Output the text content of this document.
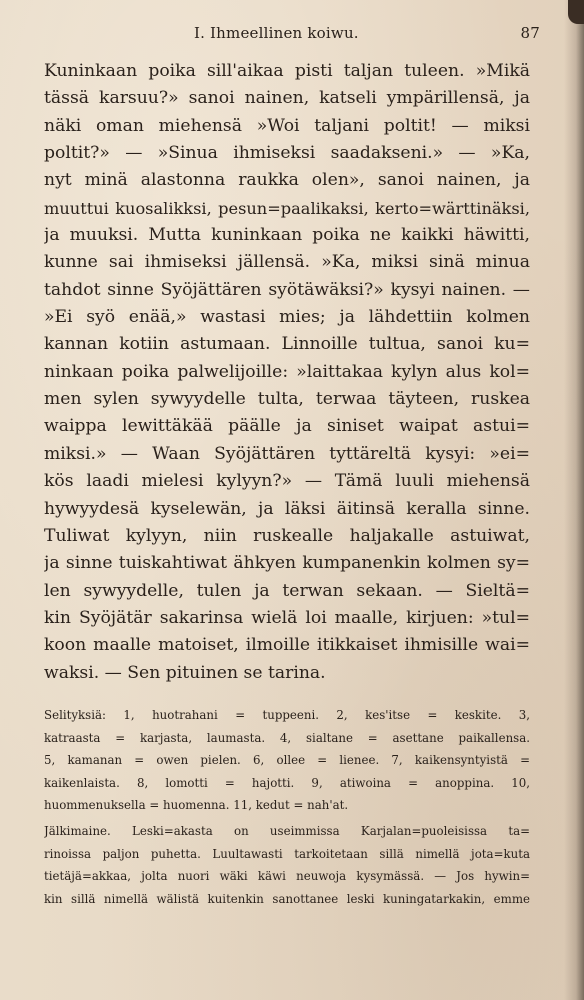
I. Ihmeellinen koiwu.	87
Kuninkaan poika sill'aikaa pisti taljan tuleen. »Mikä
tässä karsuu?» sanoi nainen, katseli ympärillensä, ja
näki oman miehensä »Woi taljani poltit! — miksi
poltit?» — »Sinua ihmiseksi saadakseni.» — »Ka,
nyt minä alastonna raukka olen», sanoi nainen, ja
muuttui kuosalikksi, pesun=paalikaksi, kerto=wärttinäksi,
ja muuksi. Mutta kuninkaan poika ne kaikki häwitti,
kunne sai ihmiseksi jällensä. »Ka, miksi sinä minua
tahdot sinne Syöjättären syötäwäksi?» kysyi nainen. —
»Ei syö enää,» wastasi mies; ja lähdettiin kolmen
kannan kotiin astumaan. Linnoille tultua, sanoi ku=
ninkaan poika palwelijoille: »laittakaa kylyn alus kol=
men sylen sywyydelle tulta, terwaa täyteen, ruskea
waippa lewittäkää päälle ja siniset waipat astui=
miksi.» — Waan Syöjättären tyttäreltä kysyi: »ei=
kös laadi mielesi kylyyn?» — Tämä luuli miehensä
hywyydesä kyselewän, ja läksi äitinsä keralla sinne.
Tuliwat kylyyn, niin ruskealle haljakalle astuiwat,
ja sinne tuiskahtiwat ähkyen kumpanenkin kolmen sy=
len sywyydelle, tulen ja terwan sekaan. — Sieltä=
kin Syöjätär sakarinsa wielä loi maalle, kirjuen: »tul=
koon maalle matoiset, ilmoille itikkaiset ihmisille wai=
waksi. — Sen pituinen se tarina.
Selityksiä: 1, huotrahani = tuppeeni. 2, kes'itse = keskite. 3,
katraasta = karjasta, laumasta. 4, sialtane = asettane paikallensa.
5, kamanan = owen pielen. 6, ollee = lienee. 7, kaikensyntyistä =
kaikenlaista. 8, lomotti = hajotti. 9, atiwoina = anoppina. 10,
huommenuksella = huomenna. 11, kedut = nah'at.
Jälkimaine. Leski=akasta on useimmissa Karjalan=puoleisissa ta=
rinoissa paljon puhetta. Luultawasti tarkoitetaan sillä nimellä jota=kuta
tietäjä=akkaa, jolta nuori wäki käwi neuwoja kysymässä. — Jos hywin=
kin sillä nimellä wälistä kuitenkin sanottanee leski kuningatarkakin, emme
